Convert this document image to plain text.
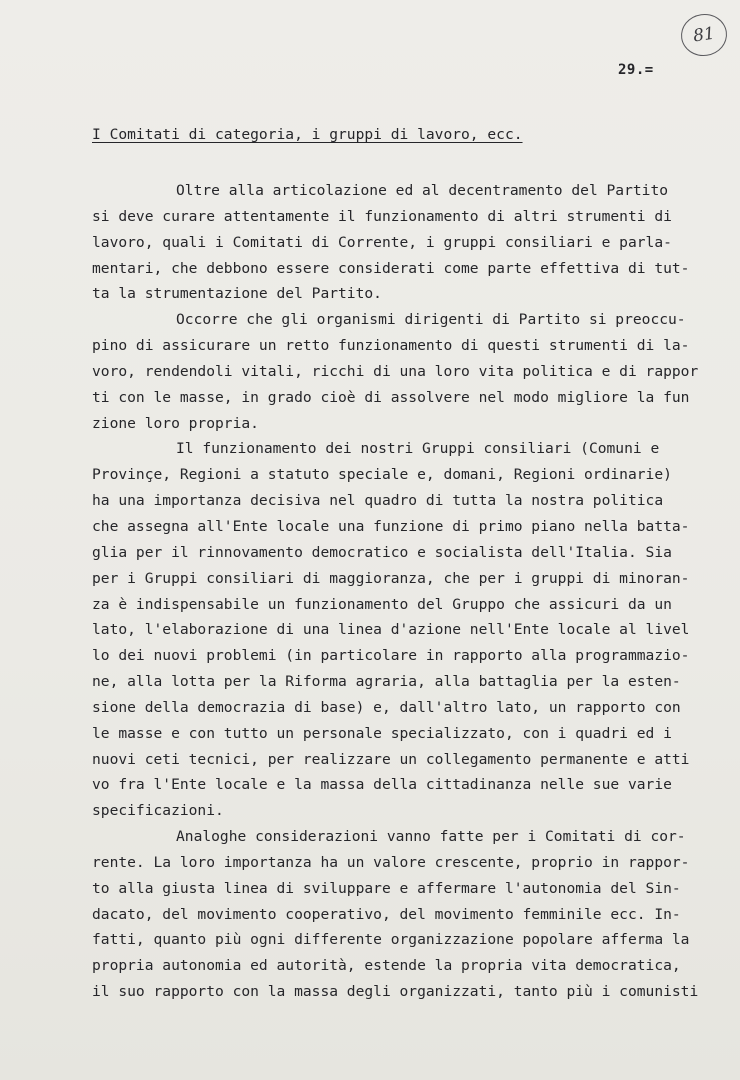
81
29.=
I Comitati di categoria, i gruppi di lavoro, ecc.
Oltre alla articolazione ed al decentramento del Partito
si deve curare attentamente il funzionamento di altri strumenti di
lavoro, quali i Comitati di Corrente, i gruppi consiliari e parla-
mentari, che debbono essere considerati come parte effettiva di tut-
ta la strumentazione del Partito.
Occorre che gli organismi dirigenti di Partito si preoccu-
pino di assicurare un retto funzionamento di questi strumenti di la-
voro, rendendoli vitali, ricchi di una loro vita politica e di rappor
ti con le masse, in grado cioè di assolvere nel modo migliore la fun
zione loro propria.
Il funzionamento dei nostri Gruppi consiliari (Comuni e
Provinçe, Regioni a statuto speciale e, domani, Regioni ordinarie)
ha una importanza decisiva nel quadro di tutta la nostra politica
che assegna all'Ente locale una funzione di primo piano nella batta-
glia per il rinnovamento democratico e socialista dell'Italia. Sia
per i Gruppi consiliari di maggioranza, che per i gruppi di minoran-
za è indispensabile un funzionamento del Gruppo che assicuri da un
lato, l'elaborazione di una linea d'azione nell'Ente locale al livel
lo dei nuovi problemi (in particolare in rapporto alla programmazio-
ne, alla lotta per la Riforma agraria, alla battaglia per la esten-
sione della democrazia di base) e, dall'altro lato, un rapporto con
le masse e con tutto un personale specializzato, con i quadri ed i
nuovi ceti tecnici, per realizzare un collegamento permanente e atti
vo fra l'Ente locale e la massa della cittadinanza nelle sue varie
specificazioni.
Analoghe considerazioni vanno fatte per i Comitati di cor-
rente. La loro importanza ha un valore crescente, proprio in rappor-
to alla giusta linea di sviluppare e affermare l'autonomia del Sin-
dacato, del movimento cooperativo, del movimento femminile ecc. In-
fatti, quanto più ogni differente organizzazione popolare afferma la
propria autonomia ed autorità, estende la propria vita democratica,
il suo rapporto con la massa degli organizzati, tanto più i comunisti
